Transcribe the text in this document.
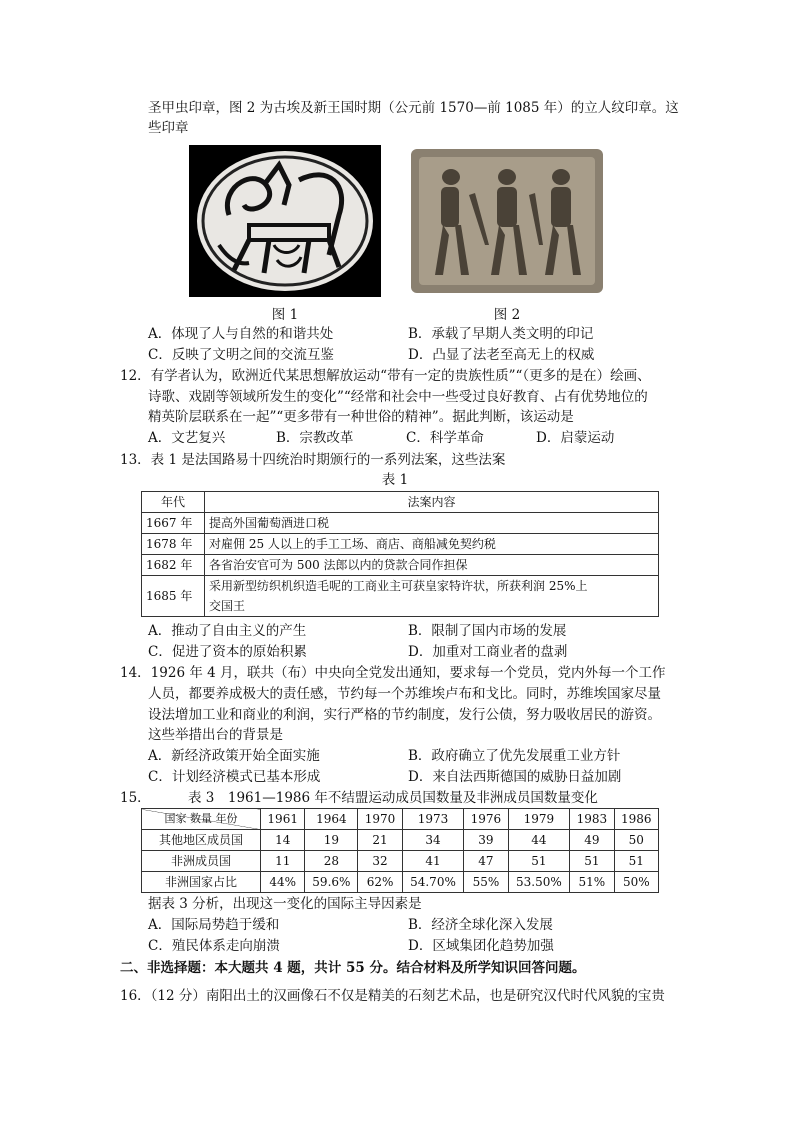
圣甲虫印章，图 2 为古埃及新王国时期（公元前 1570—前 1085 年）的立人纹印章。这
些印章
图 1	图 2
A．体现了人与自然的和谐共处	B．承载了早期人类文明的印记
C．反映了文明之间的交流互鉴	D．凸显了法老至高无上的权威
12．有学者认为，欧洲近代某思想解放运动“带有一定的贵族性质”“（更多的是在）绘画、
诗歌、戏剧等领域所发生的变化”“经常和社会中一些受过良好教育、占有优势地位的
精英阶层联系在一起”“更多带有一种世俗的精神”。据此判断，该运动是
A．文艺复兴	B．宗教改革	C．科学革命	D．启蒙运动
13．表 1 是法国路易十四统治时期颁行的一系列法案，这些法案
表 1
年代	法案内容
1667 年	提高外国葡萄酒进口税
1678 年	对雇佣 25 人以上的手工工场、商店、商船减免契约税
1682 年	各省治安官可为 500 法郎以内的贷款合同作担保
1685 年	采用新型纺织机织造毛呢的工商业主可获皇家特许状，所获利润 25%上
交国王
A．推动了自由主义的产生	B．限制了国内市场的发展
C．促进了资本的原始积累	D．加重对工商业者的盘剥
14．1926 年 4 月，联共（布）中央向全党发出通知，要求每一个党员，党内外每一个工作
人员，都要养成极大的责任感，节约每一个苏维埃卢布和戈比。同时，苏维埃国家尽量
设法增加工业和商业的利润，实行严格的节约制度，发行公债，努力吸收居民的游资。
这些举措出台的背景是
A．新经济政策开始全面实施	B．政府确立了优先发展重工业方针
C．计划经济模式已基本形成	D．来自法西斯德国的威胁日益加剧
15．	表 3　1961—1986 年不结盟运动成员国数量及非洲成员国数量变化
国家 数量 年份	1961	1964	1970	1973	1976	1979	1983	1986
其他地区成员国	14	19	21	34	39	44	49	50
非洲成员国	11	28	32	41	47	51	51	51
非洲国家占比	44%	59.6%	62%	54.70%	55%	53.50%	51%	50%
据表 3 分析，出现这一变化的国际主导因素是
A．国际局势趋于缓和	B．经济全球化深入发展
C．殖民体系走向崩溃	D．区域集团化趋势加强
二、非选择题：本大题共 4 题，共计 55 分。结合材料及所学知识回答问题。
16．（12 分）南阳出土的汉画像石不仅是精美的石刻艺术品，也是研究汉代时代风貌的宝贵
